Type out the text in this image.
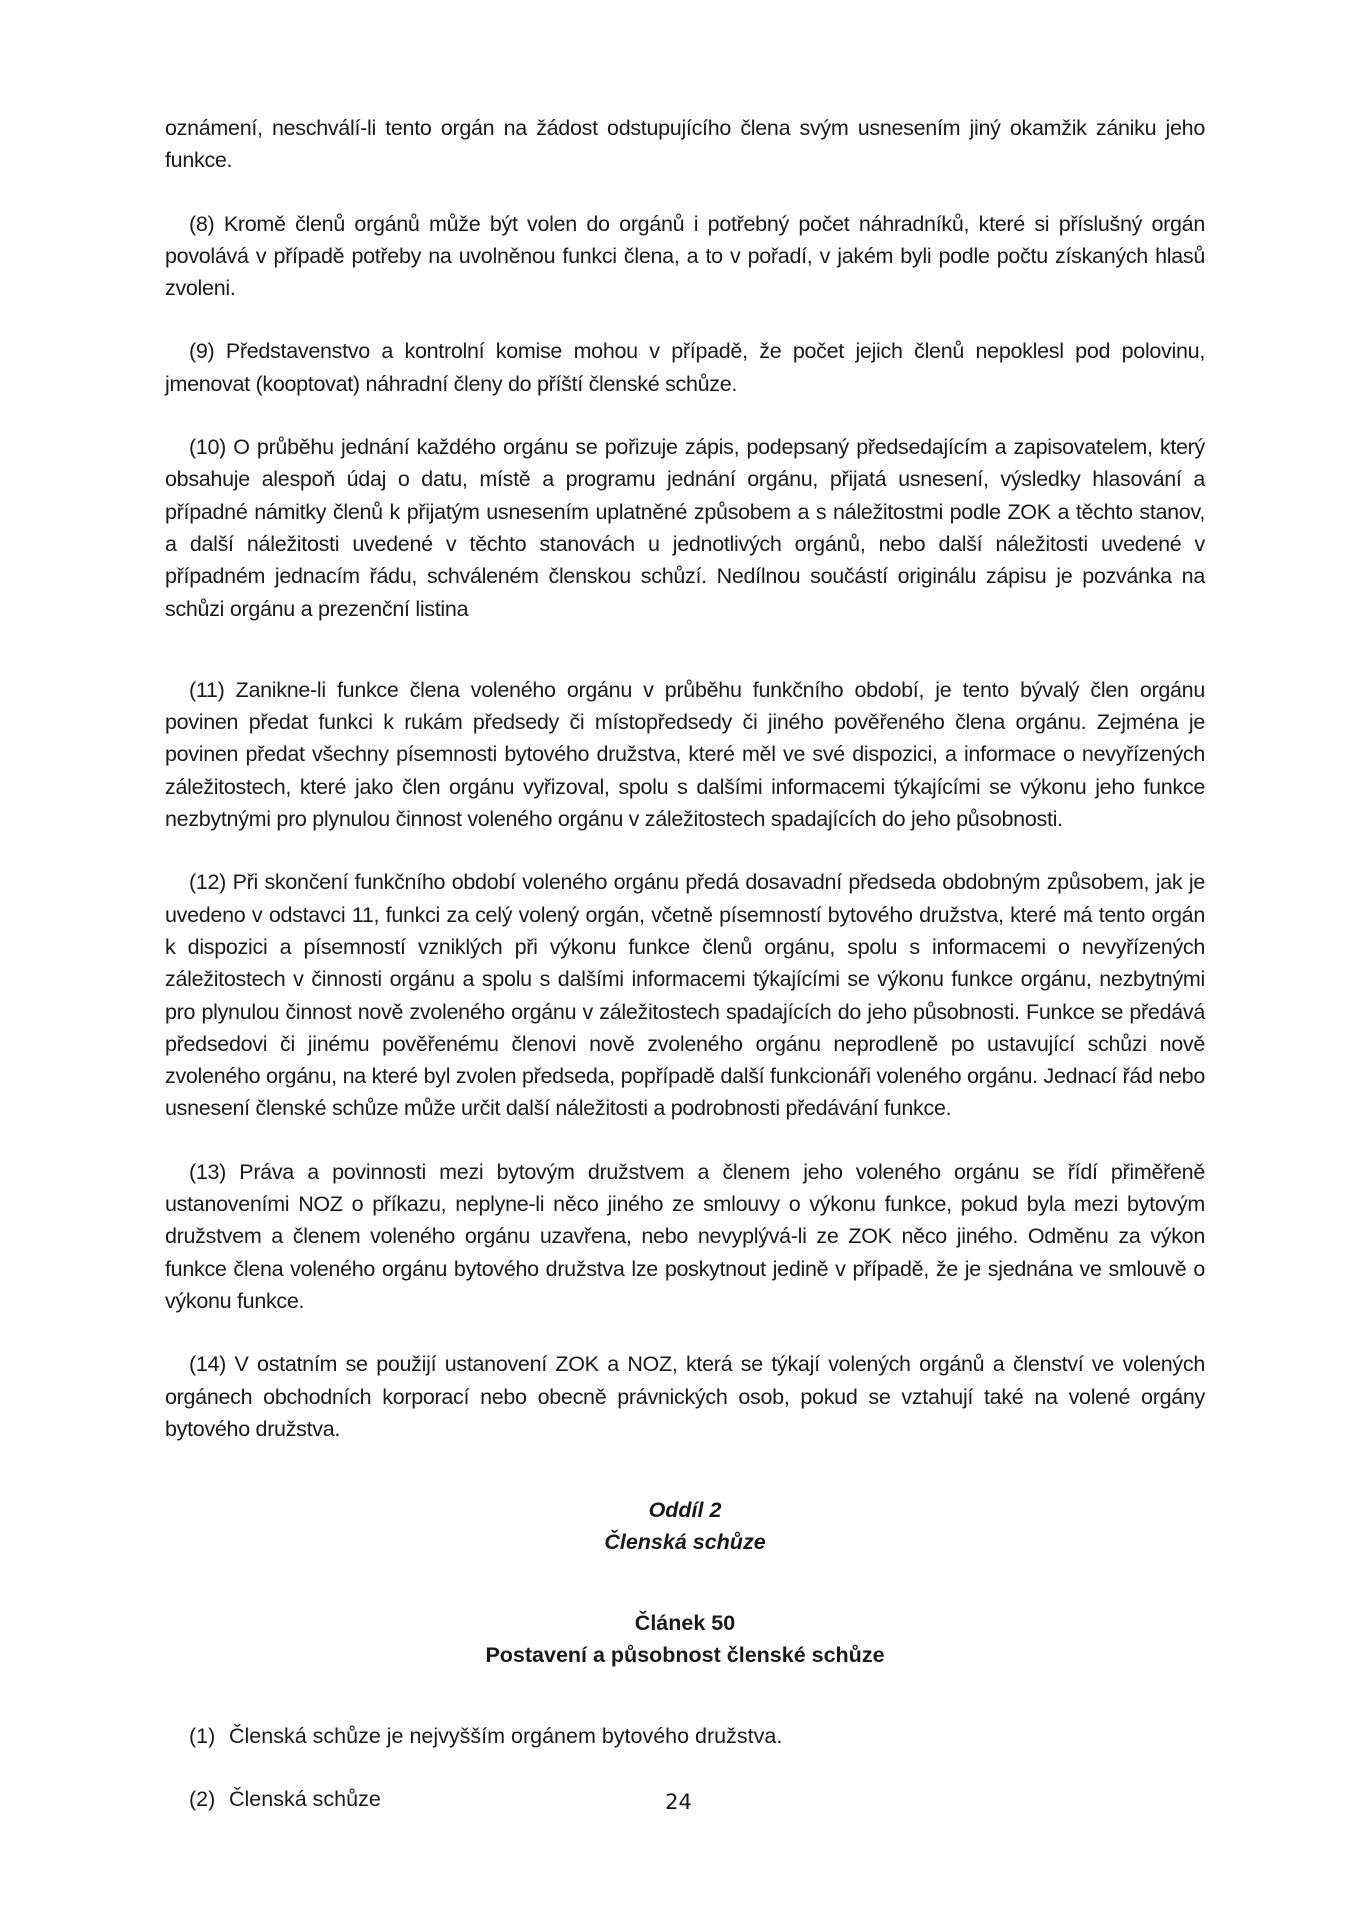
oznámení, neschválí-li tento orgán na žádost odstupujícího člena svým usnesením jiný okamžik zániku jeho funkce.

(8) Kromě členů orgánů může být volen do orgánů i potřebný počet náhradníků, které si příslušný orgán povolává v případě potřeby na uvolněnou funkci člena, a to v pořadí, v jakém byli podle počtu získaných hlasů zvoleni.

(9) Představenstvo a kontrolní komise mohou v případě, že počet jejich členů nepoklesl pod polovinu, jmenovat (kooptovat) náhradní členy do příští členské schůze.

(10) O průběhu jednání každého orgánu se pořizuje zápis, podepsaný předsedajícím a zapisovatelem, který obsahuje alespoň údaj o datu, místě a programu jednání orgánu, přijatá usnesení, výsledky hlasování a případné námitky členů k přijatým usnesením uplatněné způsobem a s náležitostmi podle ZOK a těchto stanov, a další náležitosti uvedené v těchto stanovách u jednotlivých orgánů, nebo další náležitosti uvedené v případném jednacím řádu, schváleném členskou schůzí. Nedílnou součástí originálu zápisu je pozvánka na schůzi orgánu a prezenční listina

(11) Zanikne-li funkce člena voleného orgánu v průběhu funkčního období, je tento bývalý člen orgánu povinen předat funkci k rukám předsedy či místopředsedy či jiného pověřeného člena orgánu. Zejména je povinen předat všechny písemnosti bytového družstva, které měl ve své dispozici, a informace o nevyřízených záležitostech, které jako člen orgánu vyřizoval, spolu s dalšími informacemi týkajícími se výkonu jeho funkce nezbytnými pro plynulou činnost voleného orgánu v záležitostech spadajících do jeho působnosti.

(12) Při skončení funkčního období voleného orgánu předá dosavadní předseda obdobným způsobem, jak je uvedeno v odstavci 11, funkci za celý volený orgán, včetně písemností bytového družstva, které má tento orgán k dispozici a písemností vzniklých při výkonu funkce členů orgánu, spolu s informacemi o nevyřízených záležitostech v činnosti orgánu a spolu s dalšími informacemi týkajícími se výkonu funkce orgánu, nezbytnými pro plynulou činnost nově zvoleného orgánu v záležitostech spadajících do jeho působnosti. Funkce se předává předsedovi či jinému pověřenému členovi nově zvoleného orgánu neprodleně po ustavující schůzi nově zvoleného orgánu, na které byl zvolen předseda, popřípadě další funkcionáři voleného orgánu. Jednací řád nebo usnesení členské schůze může určit další náležitosti a podrobnosti předávání funkce.

(13) Práva a povinnosti mezi bytovým družstvem a členem jeho voleného orgánu se řídí přiměřeně ustanoveními NOZ o příkazu, neplyne-li něco jiného ze smlouvy o výkonu funkce, pokud byla mezi bytovým družstvem a členem voleného orgánu uzavřena, nebo nevyplývá-li ze ZOK něco jiného. Odměnu za výkon funkce člena voleného orgánu bytového družstva lze poskytnout jedině v případě, že je sjednána ve smlouvě o výkonu funkce.

(14) V ostatním se použijí ustanovení ZOK a NOZ, která se týkají volených orgánů a členství ve volených orgánech obchodních korporací nebo obecně právnických osob, pokud se vztahují také na volené orgány bytového družstva.

Oddíl 2

Členská schůze

Článek 50

Postavení a působnost členské schůze

(1) Členská schůze je nejvyšším orgánem bytového družstva.
(2) Členská schůze	24
